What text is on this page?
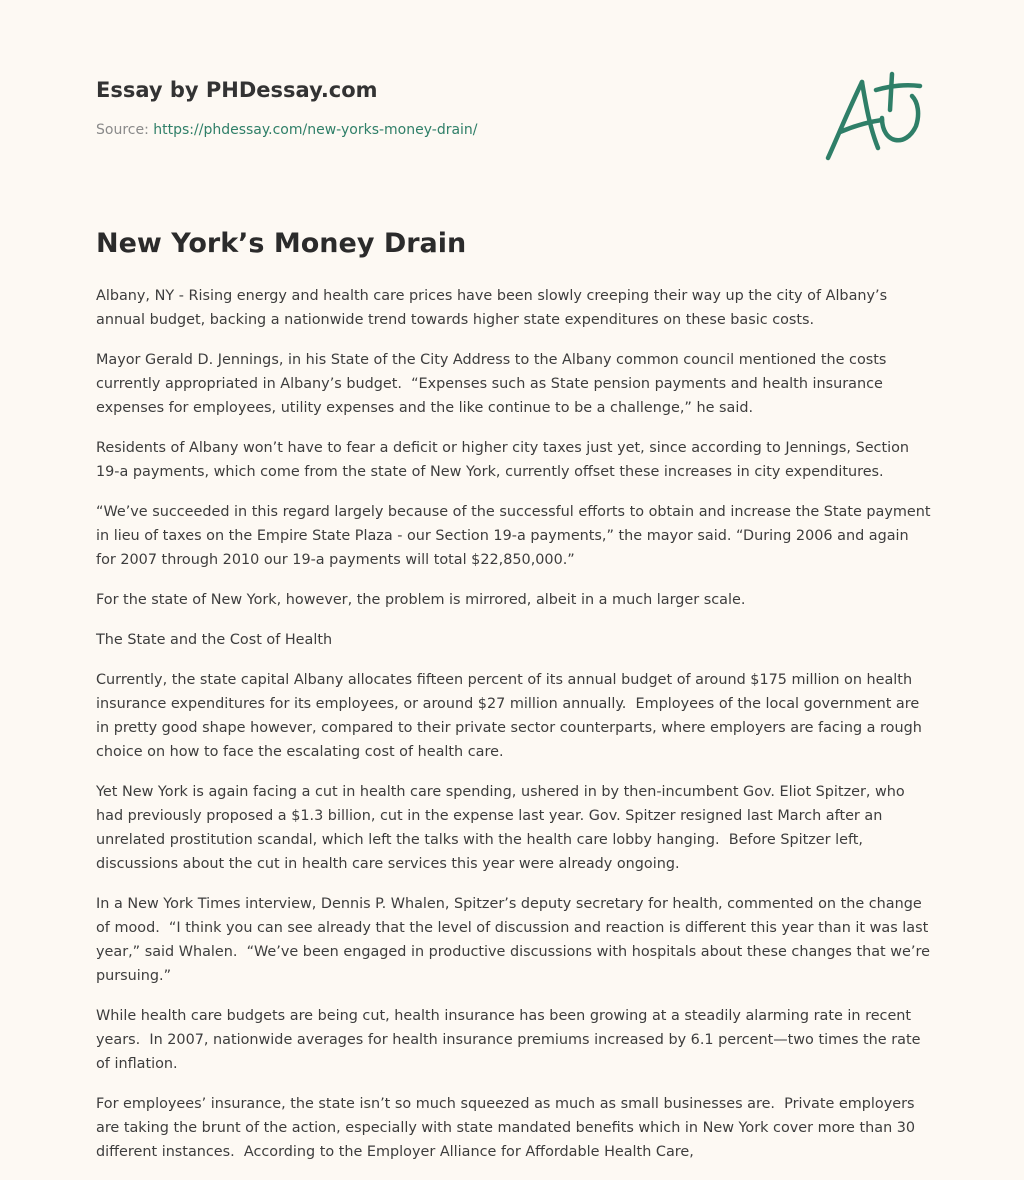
Essay by PHDessay.com
Source: https://phdessay.com/new-yorks-money-drain/
New York’s Money Drain

Albany, NY - Rising energy and health care prices have been slowly creeping their way up the city of Albany’s annual budget, backing a nationwide trend towards higher state expenditures on these basic costs.

Mayor Gerald D. Jennings, in his State of the City Address to the Albany common council mentioned the costs currently appropriated in Albany’s budget.  “Expenses such as State pension payments and health insurance expenses for employees, utility expenses and the like continue to be a challenge,” he said.

Residents of Albany won’t have to fear a deficit or higher city taxes just yet, since according to Jennings, Section 19-a payments, which come from the state of New York, currently offset these increases in city expenditures.

“We’ve succeeded in this regard largely because of the successful efforts to obtain and increase the State payment in lieu of taxes on the Empire State Plaza - our Section 19-a payments,” the mayor said. “During 2006 and again for 2007 through 2010 our 19-a payments will total $22,850,000.”

For the state of New York, however, the problem is mirrored, albeit in a much larger scale.

The State and the Cost of Health

Currently, the state capital Albany allocates fifteen percent of its annual budget of around $175 million on health insurance expenditures for its employees, or around $27 million annually.  Employees of the local government are in pretty good shape however, compared to their private sector counterparts, where employers are facing a rough choice on how to face the escalating cost of health care.

Yet New York is again facing a cut in health care spending, ushered in by then-incumbent Gov. Eliot Spitzer, who had previously proposed a $1.3 billion, cut in the expense last year. Gov. Spitzer resigned last March after an unrelated prostitution scandal, which left the talks with the health care lobby hanging.  Before Spitzer left, discussions about the cut in health care services this year were already ongoing.

In a New York Times interview, Dennis P. Whalen, Spitzer’s deputy secretary for health, commented on the change of mood.  “I think you can see already that the level of discussion and reaction is different this year than it was last year,” said Whalen.  “We’ve been engaged in productive discussions with hospitals about these changes that we’re pursuing.”

While health care budgets are being cut, health insurance has been growing at a steadily alarming rate in recent years.  In 2007, nationwide averages for health insurance premiums increased by 6.1 percent—two times the rate of inflation.

For employees’ insurance, the state isn’t so much squeezed as much as small businesses are.  Private employers are taking the brunt of the action, especially with state mandated benefits which in New York cover more than 30 different instances.  According to the Employer Alliance for Affordable Health Care,
